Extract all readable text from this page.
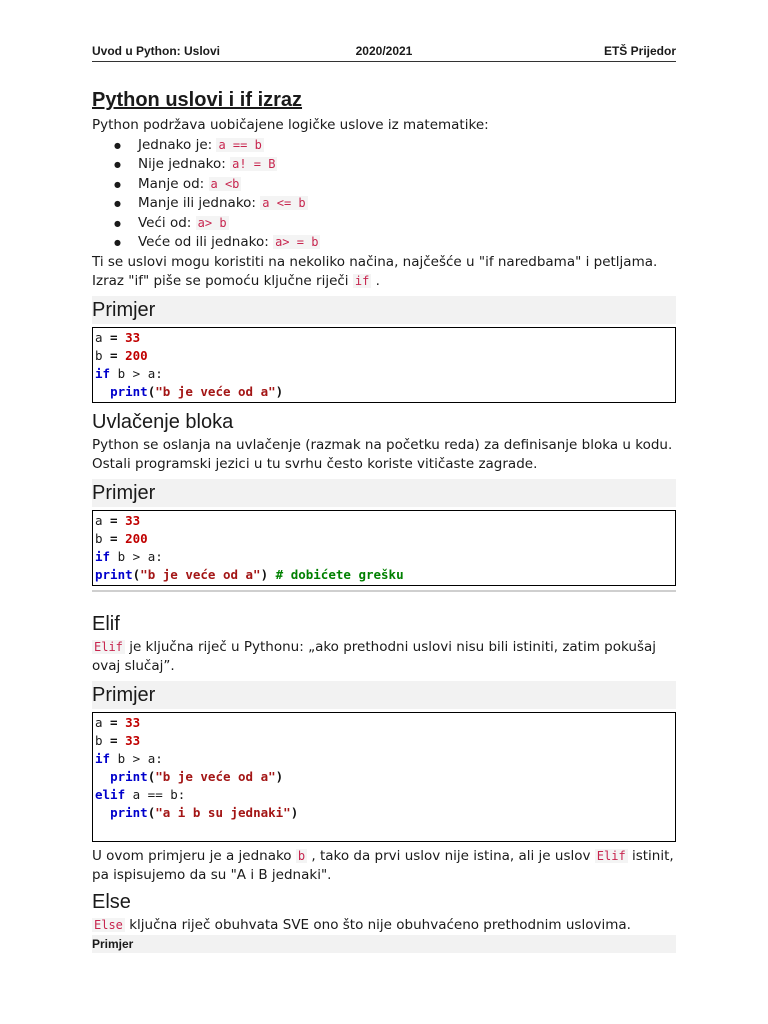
Uvod u Python: Uslovi	2020/2021	ETŠ Prijedor
Python uslovi i if izraz

Python podržava uobičajene logičke uslove iz matematike:

● Jednako je: a == b
● Nije jednako: a! = B
● Manje od: a <b
● Manje ili jednako: a <= b
● Veći od: a> b
● Veće od ili jednako: a> = b

Ti se uslovi mogu koristiti na nekoliko načina, najčešće u "if naredbama" i petljama.

Izraz "if" piše se pomoću ključne riječi if .

Primjer
a = 33
b = 200
if b > a:
print("b je veće od a")
Uvlačenje bloka

Python se oslanja na uvlačenje (razmak na početku reda) za definisanje bloka u kodu. Ostali programski jezici u tu svrhu često koriste vitičaste zagrade.

Primjer
a = 33
b = 200
if b > a:
print("b je veće od a") # dobićete grešku
Elif

Elif je ključna riječ u Pythonu: „ako prethodni uslovi nisu bili istiniti, zatim pokušaj ovaj slučaj”.

Primjer
a = 33
b = 33
if b > a:
print("b je veće od a")
elif a == b:
print("a i b su jednaki")

U ovom primjeru je a jednako b , tako da prvi uslov nije istina, ali je uslov Elif istinit, pa ispisujemo da su "A i B jednaki".

Else

Else ključna riječ obuhvata SVE ono što nije obuhvaćeno prethodnim uslovima.

Primjer
